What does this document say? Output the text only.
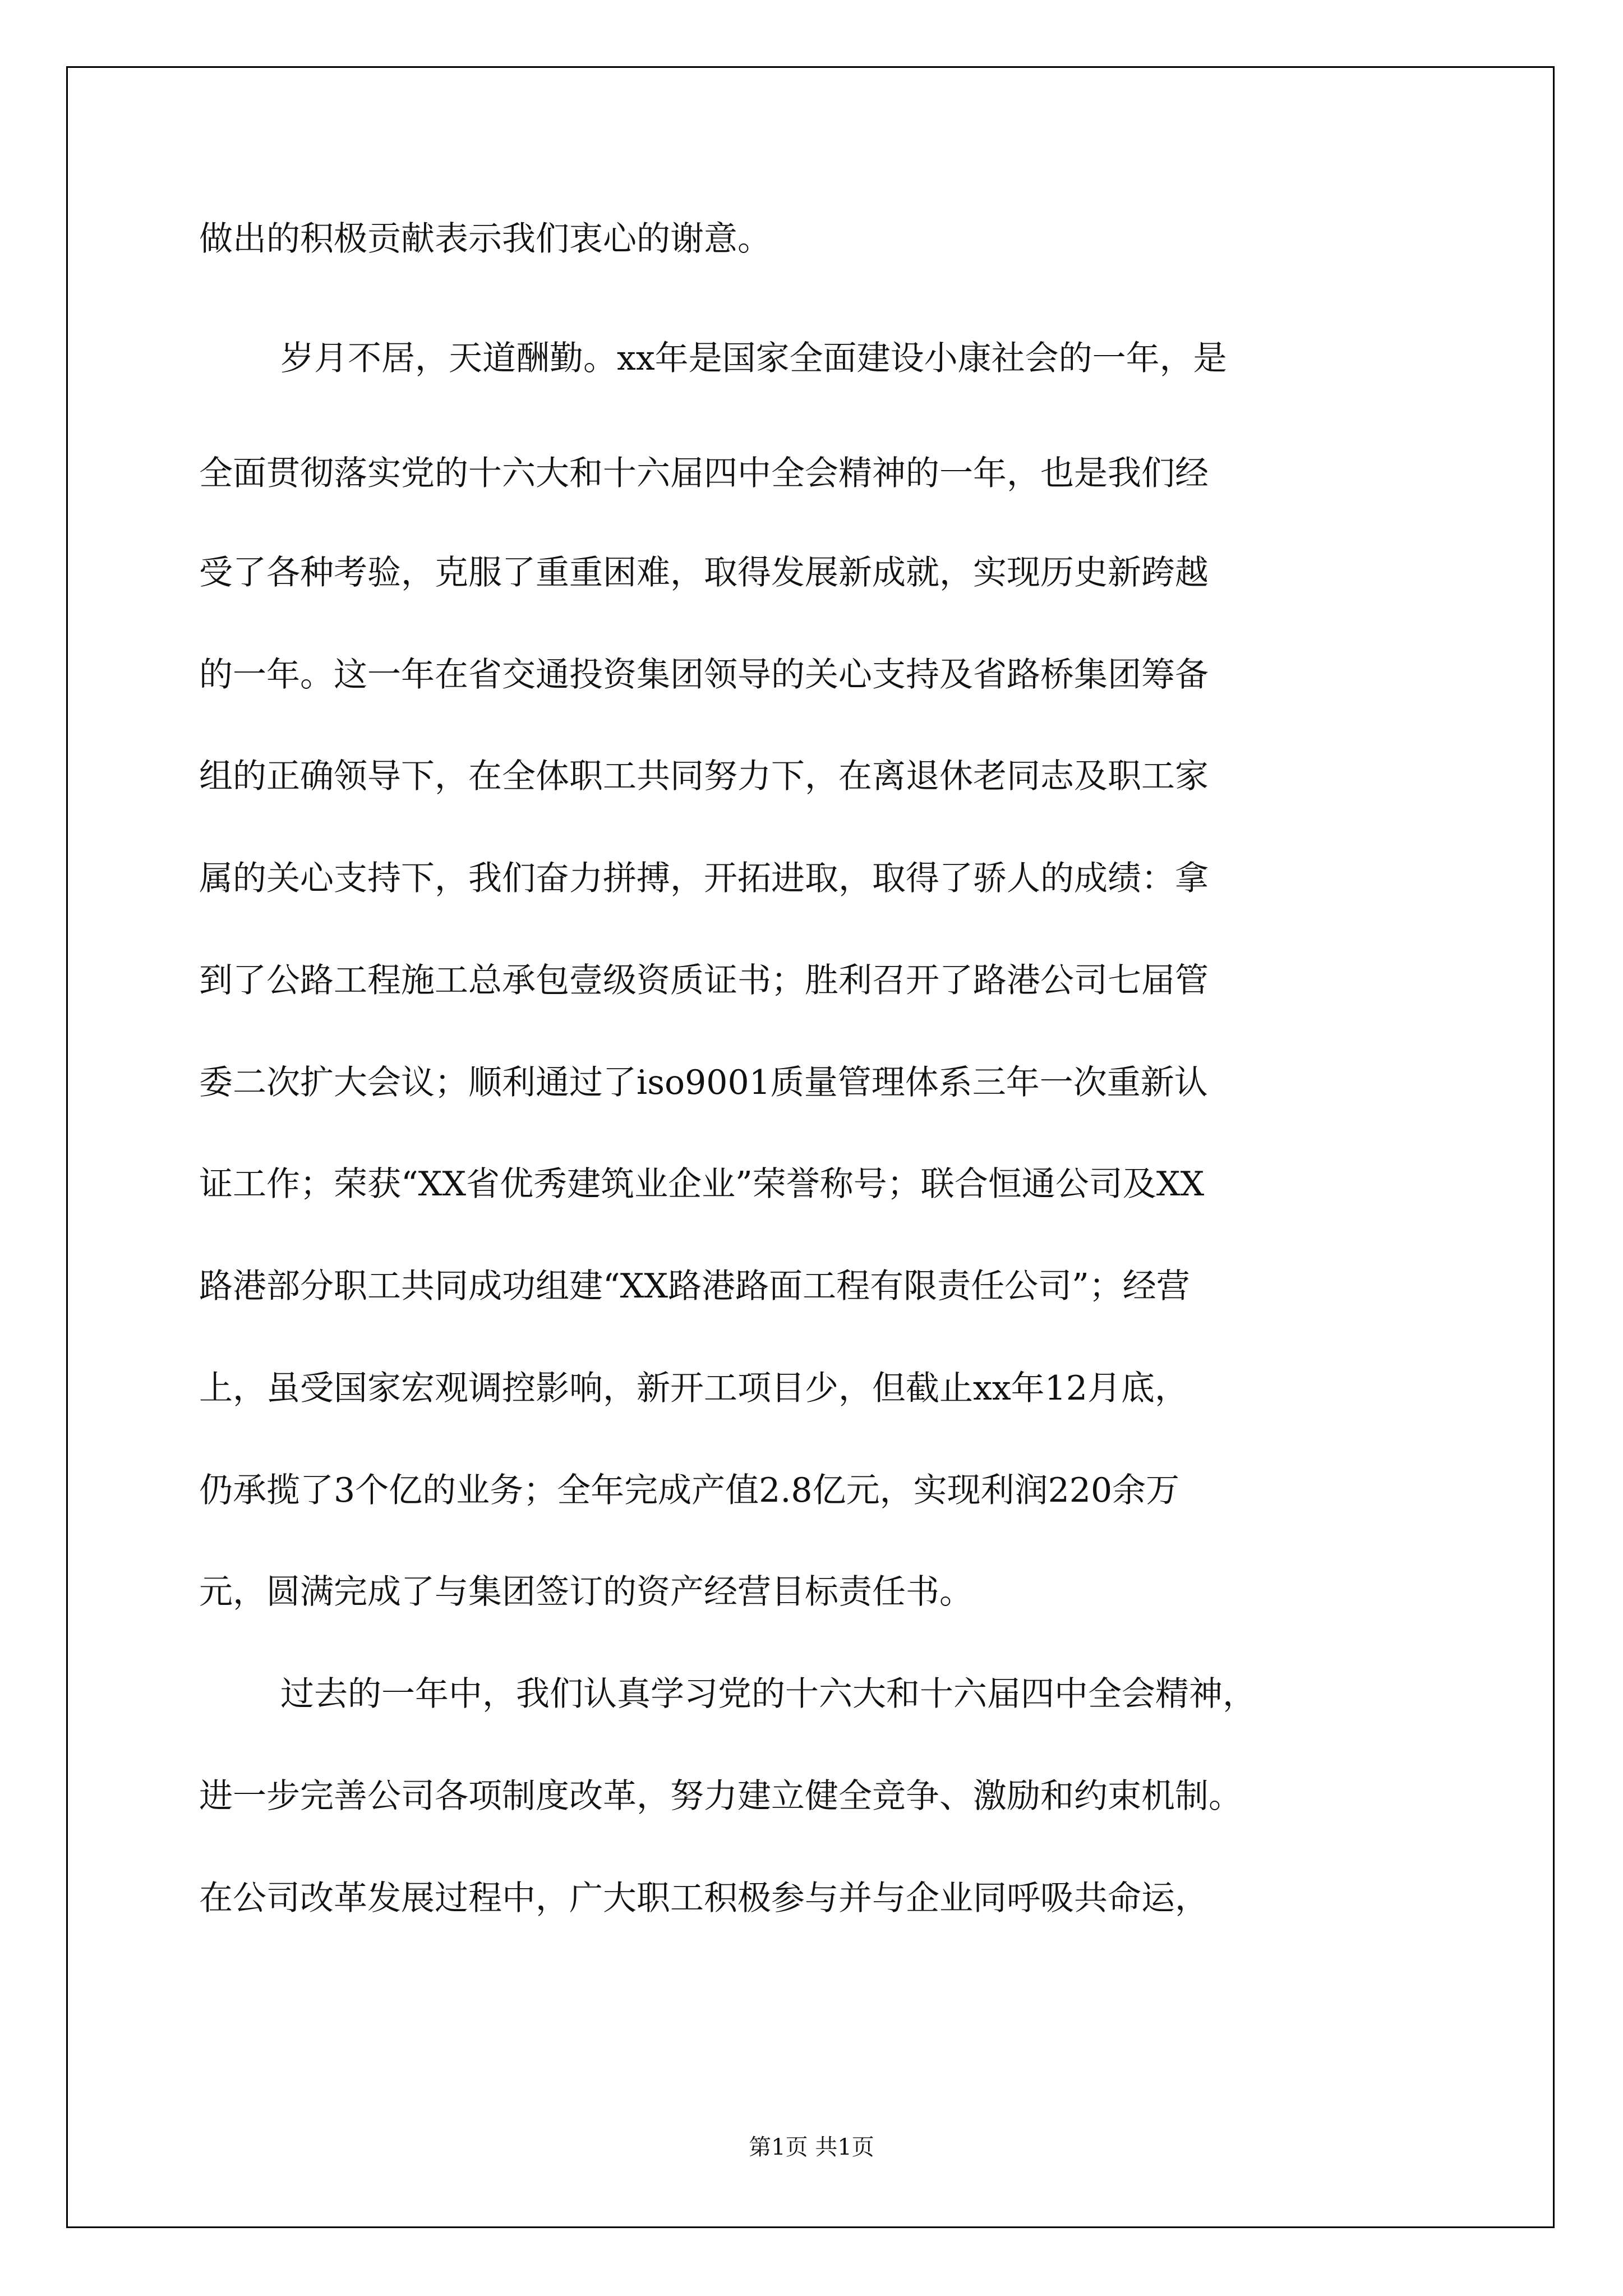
做出的积极贡献表示我们衷心的谢意。
岁月不居，天道酬勤。xx年是国家全面建设小康社会的一年，是
全面贯彻落实党的十六大和十六届四中全会精神的一年，也是我们经
受了各种考验，克服了重重困难，取得发展新成就，实现历史新跨越
的一年。这一年在省交通投资集团领导的关心支持及省路桥集团筹备
组的正确领导下，在全体职工共同努力下，在离退休老同志及职工家
属的关心支持下，我们奋力拼搏，开拓进取，取得了骄人的成绩：拿
到了公路工程施工总承包壹级资质证书；胜利召开了路港公司七届管
委二次扩大会议；顺利通过了iso9001质量管理体系三年一次重新认
证工作；荣获“XX省优秀建筑业企业”荣誉称号；联合恒通公司及XX
路港部分职工共同成功组建“XX路港路面工程有限责任公司”；经营
上，虽受国家宏观调控影响，新开工项目少，但截止xx年12月底，
仍承揽了3个亿的业务；全年完成产值2.8亿元，实现利润220余万
元，圆满完成了与集团签订的资产经营目标责任书。
过去的一年中，我们认真学习党的十六大和十六届四中全会精神，
进一步完善公司各项制度改革，努力建立健全竞争、激励和约束机制。
在公司改革发展过程中，广大职工积极参与并与企业同呼吸共命运，
第1页 共1页
